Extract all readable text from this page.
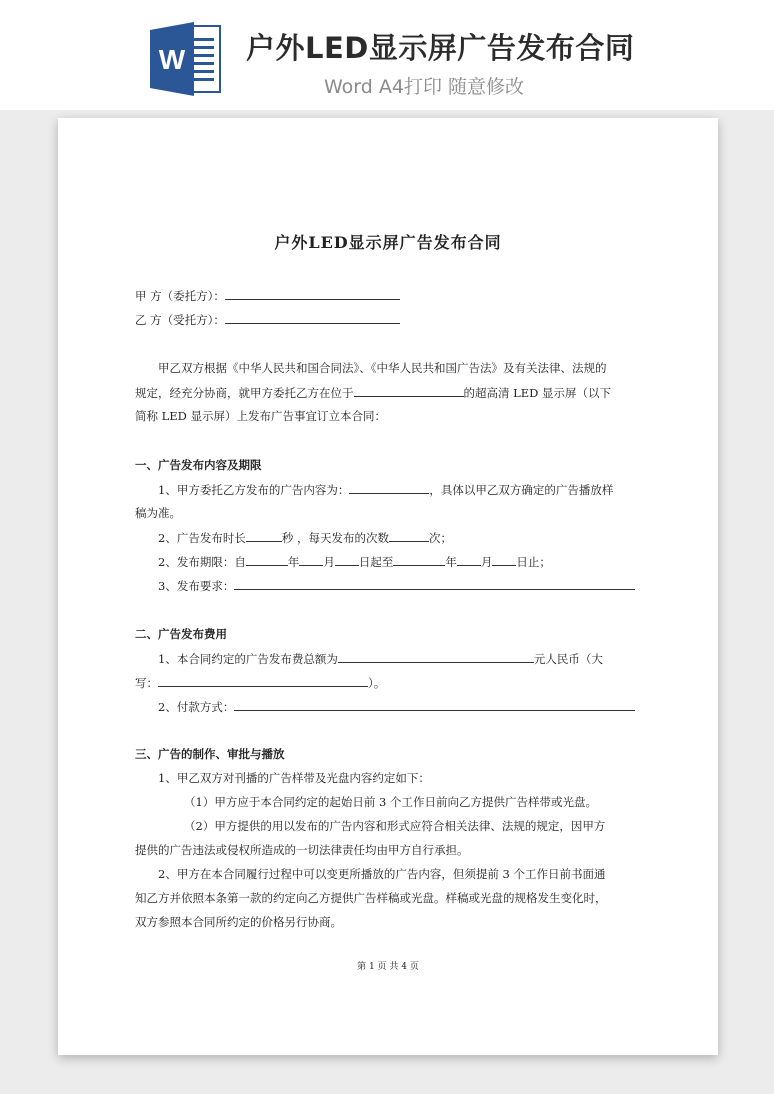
W 户外LED显示屏广告发布合同
Word A4打印 随意修改
户外LED显示屏广告发布合同
甲 方（委托方）：
乙 方（受托方）：
甲乙双方根据《中华人民共和国合同法》、《中华人民共和国广告法》及有关法律、法规的
规定，经充分协商，就甲方委托乙方在位于	的超高清 LED 显示屏（以下
简称 LED 显示屏）上发布广告事宜订立本合同：
一、广告发布内容及期限
1、甲方委托乙方发布的广告内容为：	，具体以甲乙双方确定的广告播放样
稿为准。
2、广告发布时长	秒 ，每天发布的次数	次；
2、发布期限：自	年 月 日起至	年 月 日止；
3、发布要求：
二、广告发布费用
1、本合同约定的广告发布费总额为	元人民币（大
写：	）。
2、付款方式：
三、广告的制作、审批与播放
1、甲乙双方对刊播的广告样带及光盘内容约定如下：
（1）甲方应于本合同约定的起始日前 3 个工作日前向乙方提供广告样带或光盘。
（2）甲方提供的用以发布的广告内容和形式应符合相关法律、法规的规定，因甲方
提供的广告违法或侵权所造成的一切法律责任均由甲方自行承担。
2、甲方在本合同履行过程中可以变更所播放的广告内容，但须提前 3 个工作日前书面通
知乙方并依照本条第一款的约定向乙方提供广告样稿或光盘。样稿或光盘的规格发生变化时，
双方参照本合同所约定的价格另行协商。
第 1 页 共 4 页
